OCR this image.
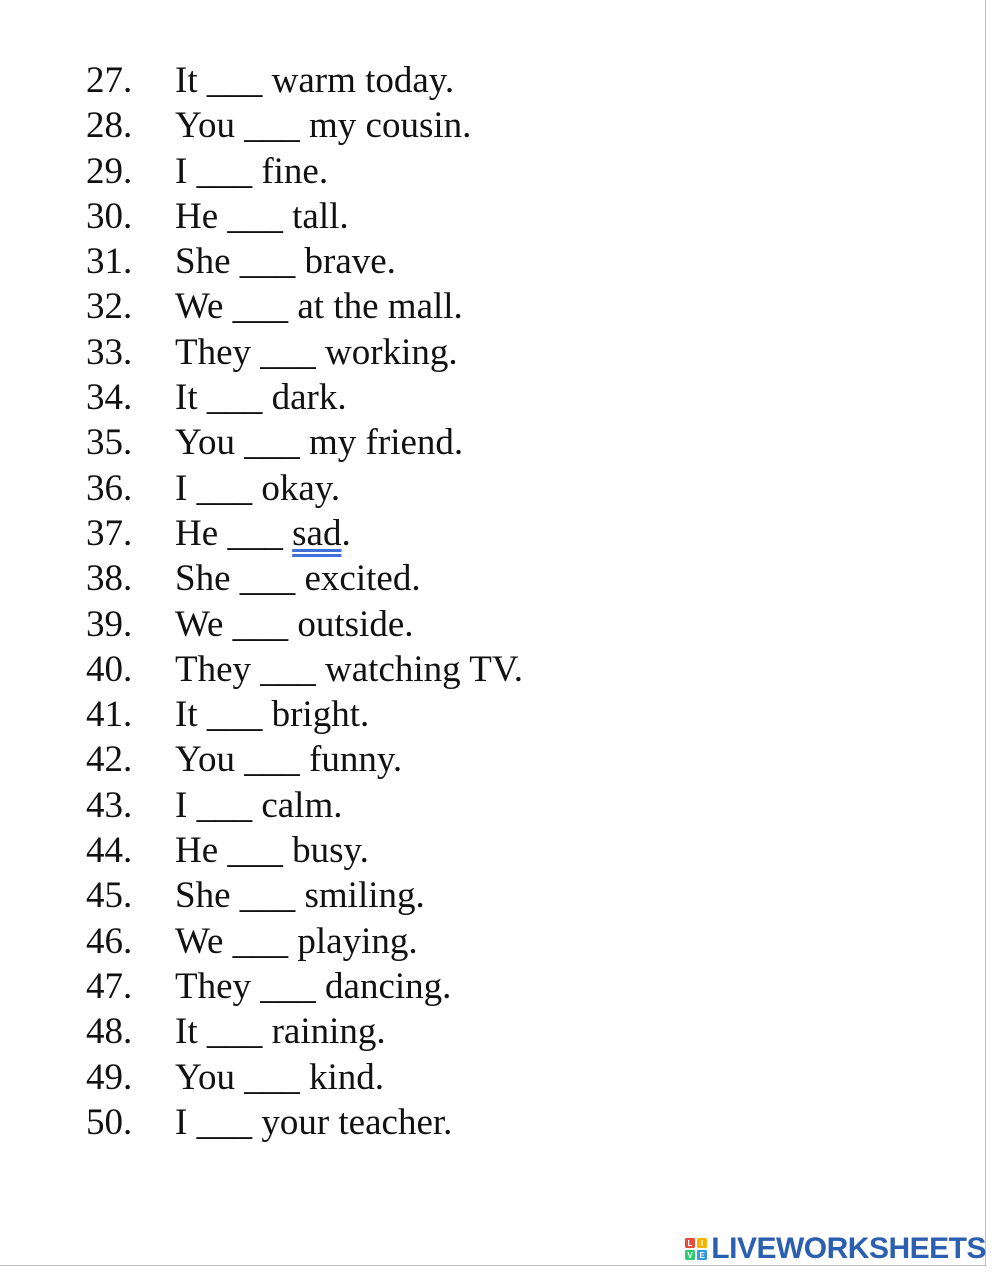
27.	It ___ warm today.
28.	You ___ my cousin.
29.	I ___ fine.
30.	He ___ tall.
31.	She ___ brave.
32.	We ___ at the mall.
33.	They ___ working.
34.	It ___ dark.
35.	You ___ my friend.
36.	I ___ okay.
37.	He ___ sad.
38.	She ___ excited.
39.	We ___ outside.
40.	They ___ watching TV.
41.	It ___ bright.
42.	You ___ funny.
43.	I ___ calm.
44.	He ___ busy.
45.	She ___ smiling.
46.	We ___ playing.
47.	They ___ dancing.
48.	It ___ raining.
49.	You ___ kind.
50.	I ___ your teacher.
L I
V E LIVEWORKSHEETS
